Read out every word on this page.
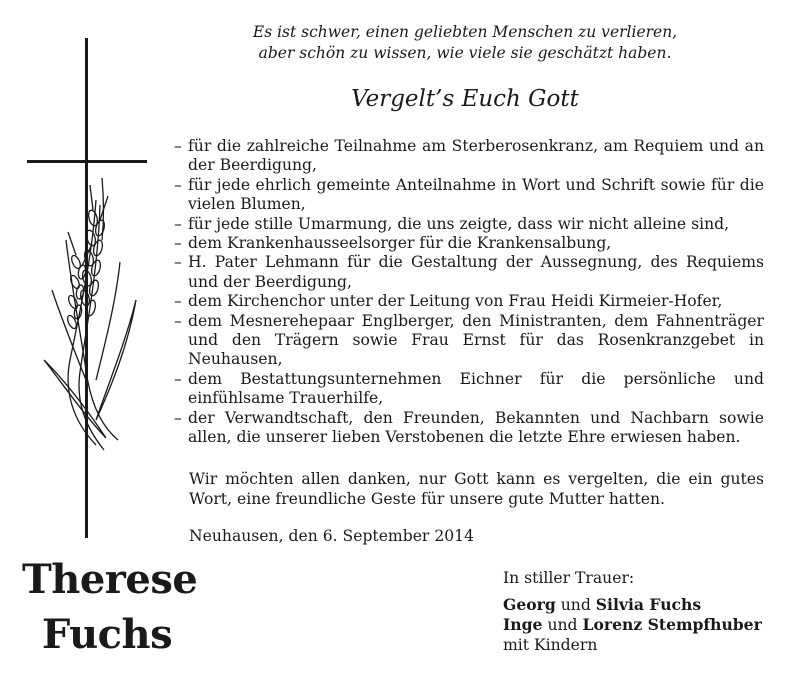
Es ist schwer, einen geliebten Menschen zu verlieren,
aber schön zu wissen, wie viele sie geschätzt haben.
Vergelt’s Euch Gott
– für die zahlreiche Teilnahme am Sterberosenkranz, am Requiem und an der Beerdigung,
– für jede ehrlich gemeinte Anteilnahme in Wort und Schrift sowie für die vielen Blumen,
– für jede stille Umarmung, die uns zeigte, dass wir nicht alleine sind,
– dem Krankenhausseelsorger für die Krankensalbung,
– H. Pater Lehmann für die Gestaltung der Aussegnung, des Requiems und der Beerdigung,
– dem Kirchenchor unter der Leitung von Frau Heidi Kirmeier-Hofer,
– dem Mesnerehepaar Englberger, den Ministranten, dem Fahnenträger und den Trägern sowie Frau Ernst für das Rosenkranzgebet in Neuhausen,
– dem Bestattungsunternehmen Eichner für die persönliche und einfühlsame Trauerhilfe,
– der Verwandtschaft, den Freunden, Bekannten und Nachbarn sowie allen, die unserer lieben Verstobenen die letzte Ehre erwiesen haben.
Wir möchten allen danken, nur Gott kann es vergelten, die ein gutes Wort, eine freundliche Geste für unsere gute Mutter hatten.
Neuhausen, den 6. September 2014
Therese
Fuchs
In stiller Trauer:
Georg und Silvia Fuchs
Inge und Lorenz Stempfhuber
mit Kindern
